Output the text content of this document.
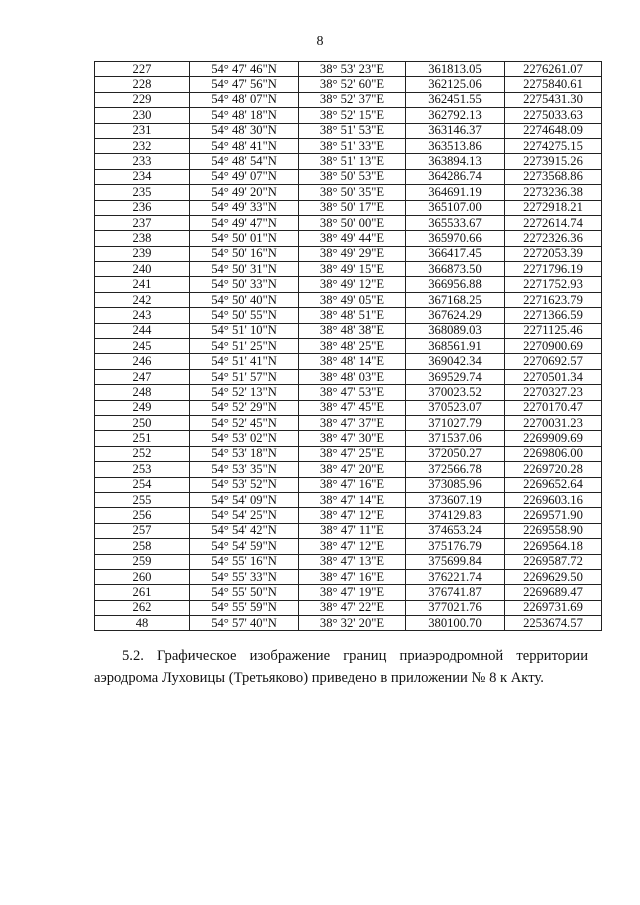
8
227	54° 47' 46"N	38° 53' 23"E	361813.05	2276261.07
228	54° 47' 56"N	38° 52' 60"E	362125.06	2275840.61
229	54° 48' 07"N	38° 52' 37"E	362451.55	2275431.30
230	54° 48' 18"N	38° 52' 15"E	362792.13	2275033.63
231	54° 48' 30"N	38° 51' 53"E	363146.37	2274648.09
232	54° 48' 41"N	38° 51' 33"E	363513.86	2274275.15
233	54° 48' 54"N	38° 51' 13"E	363894.13	2273915.26
234	54° 49' 07"N	38° 50' 53"E	364286.74	2273568.86
235	54° 49' 20"N	38° 50' 35"E	364691.19	2273236.38
236	54° 49' 33"N	38° 50' 17"E	365107.00	2272918.21
237	54° 49' 47"N	38° 50' 00"E	365533.67	2272614.74
238	54° 50' 01"N	38° 49' 44"E	365970.66	2272326.36
239	54° 50' 16"N	38° 49' 29"E	366417.45	2272053.39
240	54° 50' 31"N	38° 49' 15"E	366873.50	2271796.19
241	54° 50' 33"N	38° 49' 12"E	366956.88	2271752.93
242	54° 50' 40"N	38° 49' 05"E	367168.25	2271623.79
243	54° 50' 55"N	38° 48' 51"E	367624.29	2271366.59
244	54° 51' 10"N	38° 48' 38"E	368089.03	2271125.46
245	54° 51' 25"N	38° 48' 25"E	368561.91	2270900.69
246	54° 51' 41"N	38° 48' 14"E	369042.34	2270692.57
247	54° 51' 57"N	38° 48' 03"E	369529.74	2270501.34
248	54° 52' 13"N	38° 47' 53"E	370023.52	2270327.23
249	54° 52' 29"N	38° 47' 45"E	370523.07	2270170.47
250	54° 52' 45"N	38° 47' 37"E	371027.79	2270031.23
251	54° 53' 02"N	38° 47' 30"E	371537.06	2269909.69
252	54° 53' 18"N	38° 47' 25"E	372050.27	2269806.00
253	54° 53' 35"N	38° 47' 20"E	372566.78	2269720.28
254	54° 53' 52"N	38° 47' 16"E	373085.96	2269652.64
255	54° 54' 09"N	38° 47' 14"E	373607.19	2269603.16
256	54° 54' 25"N	38° 47' 12"E	374129.83	2269571.90
257	54° 54' 42"N	38° 47' 11"E	374653.24	2269558.90
258	54° 54' 59"N	38° 47' 12"E	375176.79	2269564.18
259	54° 55' 16"N	38° 47' 13"E	375699.84	2269587.72
260	54° 55' 33"N	38° 47' 16"E	376221.74	2269629.50
261	54° 55' 50"N	38° 47' 19"E	376741.87	2269689.47
262	54° 55' 59"N	38° 47' 22"E	377021.76	2269731.69
48	54° 57' 40"N	38° 32' 20"E	380100.70	2253674.57

5.2. Графическое изображение границ приаэродромной территории аэродрома Луховицы (Третьяково) приведено в приложении № 8 к Акту.
